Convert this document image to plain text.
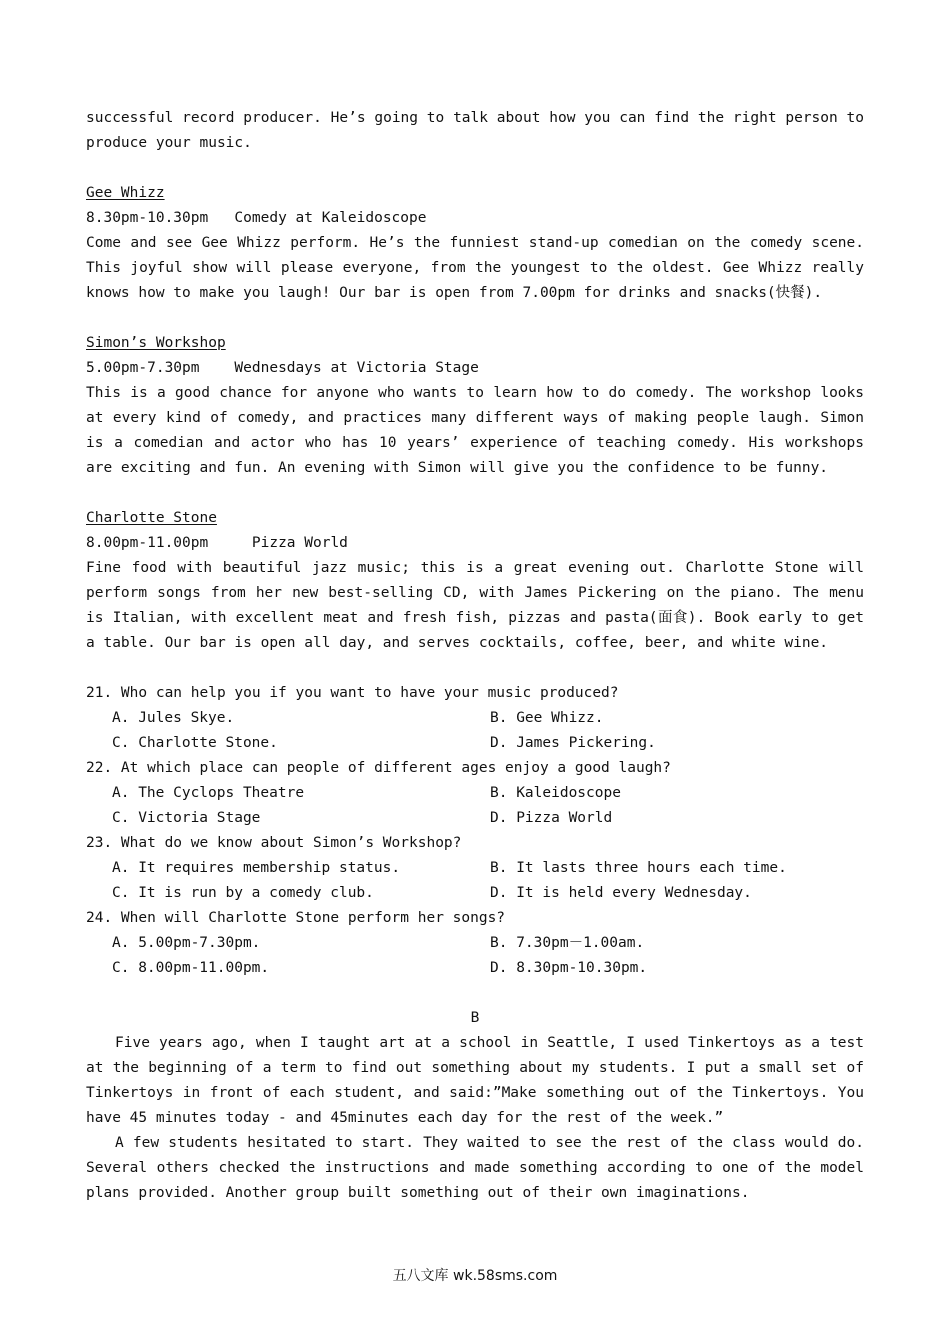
successful record producer. He’s going to talk about how you can find the right person to produce your music.

Gee Whizz
8.30pm-10.30pm Comedy at Kaleidoscope

Come and see Gee Whizz perform. He’s the funniest stand-up comedian on the comedy scene. This joyful show will please everyone, from the youngest to the oldest. Gee Whizz really knows how to make you laugh! Our bar is open from 7.00pm for drinks and snacks(快餐).

Simon’s Workshop
5.00pm-7.30pm Wednesdays at Victoria Stage

This is a good chance for anyone who wants to learn how to do comedy. The workshop looks at every kind of comedy, and practices many different ways of making people laugh. Simon is a comedian and actor who has 10 years’ experience of teaching comedy. His workshops are exciting and fun. An evening with Simon will give you the confidence to be funny.

Charlotte Stone
8.00pm-11.00pm	Pizza World

Fine food with beautiful jazz music; this is a great evening out. Charlotte Stone will perform songs from her new best-selling CD, with James Pickering on the piano. The menu is Italian, with excellent meat and fresh fish, pizzas and pasta(面食). Book early to get a table. Our bar is open all day, and serves cocktails, coffee, beer, and white wine.

21. Who can help you if you want to have your music produced?
A. Jules Skye.	B. Gee Whizz.
C. Charlotte Stone.	D. James Pickering.
22. At which place can people of different ages enjoy a good laugh?
A. The Cyclops Theatre	B. Kaleidoscope
C. Victoria Stage	D. Pizza World
23. What do we know about Simon’s Workshop?
A. It requires membership status.	B. It lasts three hours each time.
C. It is run by a comedy club.	D. It is held every Wednesday.
24. When will Charlotte Stone perform her songs?
A. 5.00pm-7.30pm.	B. 7.30pm－1.00am.
C. 8.00pm-11.00pm.	D. 8.30pm-10.30pm.
B

Five years ago, when I taught art at a school in Seattle, I used Tinkertoys as a test at the beginning of a term to find out something about my students. I put a small set of Tinkertoys in front of each student, and said:”Make something out of the Tinkertoys. You have 45 minutes today - and 45minutes each day for the rest of the week.”

A few students hesitated to start. They waited to see the rest of the class would do. Several others checked the instructions and made something according to one of the model plans provided. Another group built something out of their own imaginations.

五八文库 wk.58sms.com
